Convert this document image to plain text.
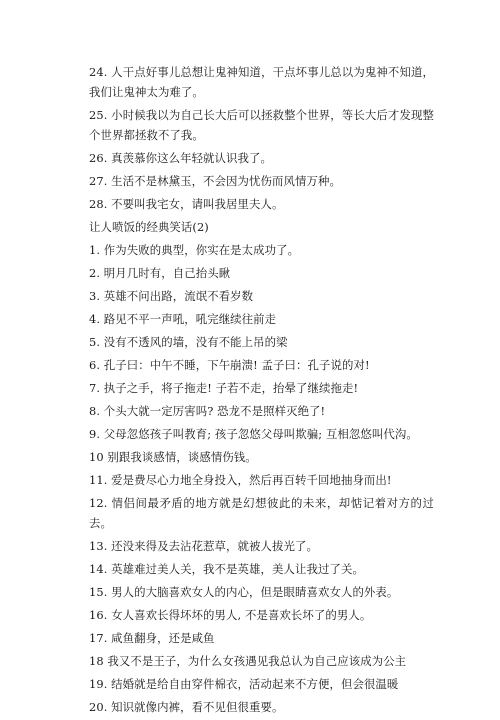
24. 人干点好事儿总想让鬼神知道，干点坏事儿总以为鬼神不知道，我们让鬼神太为难了。

25. 小时候我以为自己长大后可以拯救整个世界，等长大后才发现整个世界都拯救不了我。

26. 真羡慕你这么年轻就认识我了。

27. 生活不是林黛玉，不会因为忧伤而风情万种。

28. 不要叫我宅女，请叫我居里夫人。

让人喷饭的经典笑话(2)

1. 作为失败的典型，你实在是太成功了。

2. 明月几时有，自己抬头瞅

3. 英雄不问出路，流氓不看岁数

4. 路见不平一声吼，吼完继续往前走

5. 没有不透风的墙，没有不能上吊的梁

6. 孔子曰：中午不睡，下午崩溃! 孟子曰：孔子说的对!

7. 执子之手，将子拖走! 子若不走，抬晕了继续拖走!

8. 个头大就一定厉害吗? 恐龙不是照样灭绝了!

9. 父母忽悠孩子叫教育; 孩子忽悠父母叫欺骗; 互相忽悠叫代沟。

10 别跟我谈感情，谈感情伤钱。

11. 爱是费尽心力地全身投入，然后再百转千回地抽身而出!

12. 情侣间最矛盾的地方就是幻想彼此的未来，却惦记着对方的过去。

13. 还没来得及去沾花惹草，就被人拔光了。

14. 英雄难过美人关，我不是英雄，美人让我过了关。

15. 男人的大脑喜欢女人的内心，但是眼睛喜欢女人的外表。

16. 女人喜欢长得坏坏的男人, 不是喜欢长坏了的男人。

17. 咸鱼翻身，还是咸鱼

18 我又不是王子，为什么女孩遇见我总认为自己应该成为公主

19. 结婚就是给自由穿件棉衣，活动起来不方便，但会很温暖

20. 知识就像内裤，看不见但很重要。
